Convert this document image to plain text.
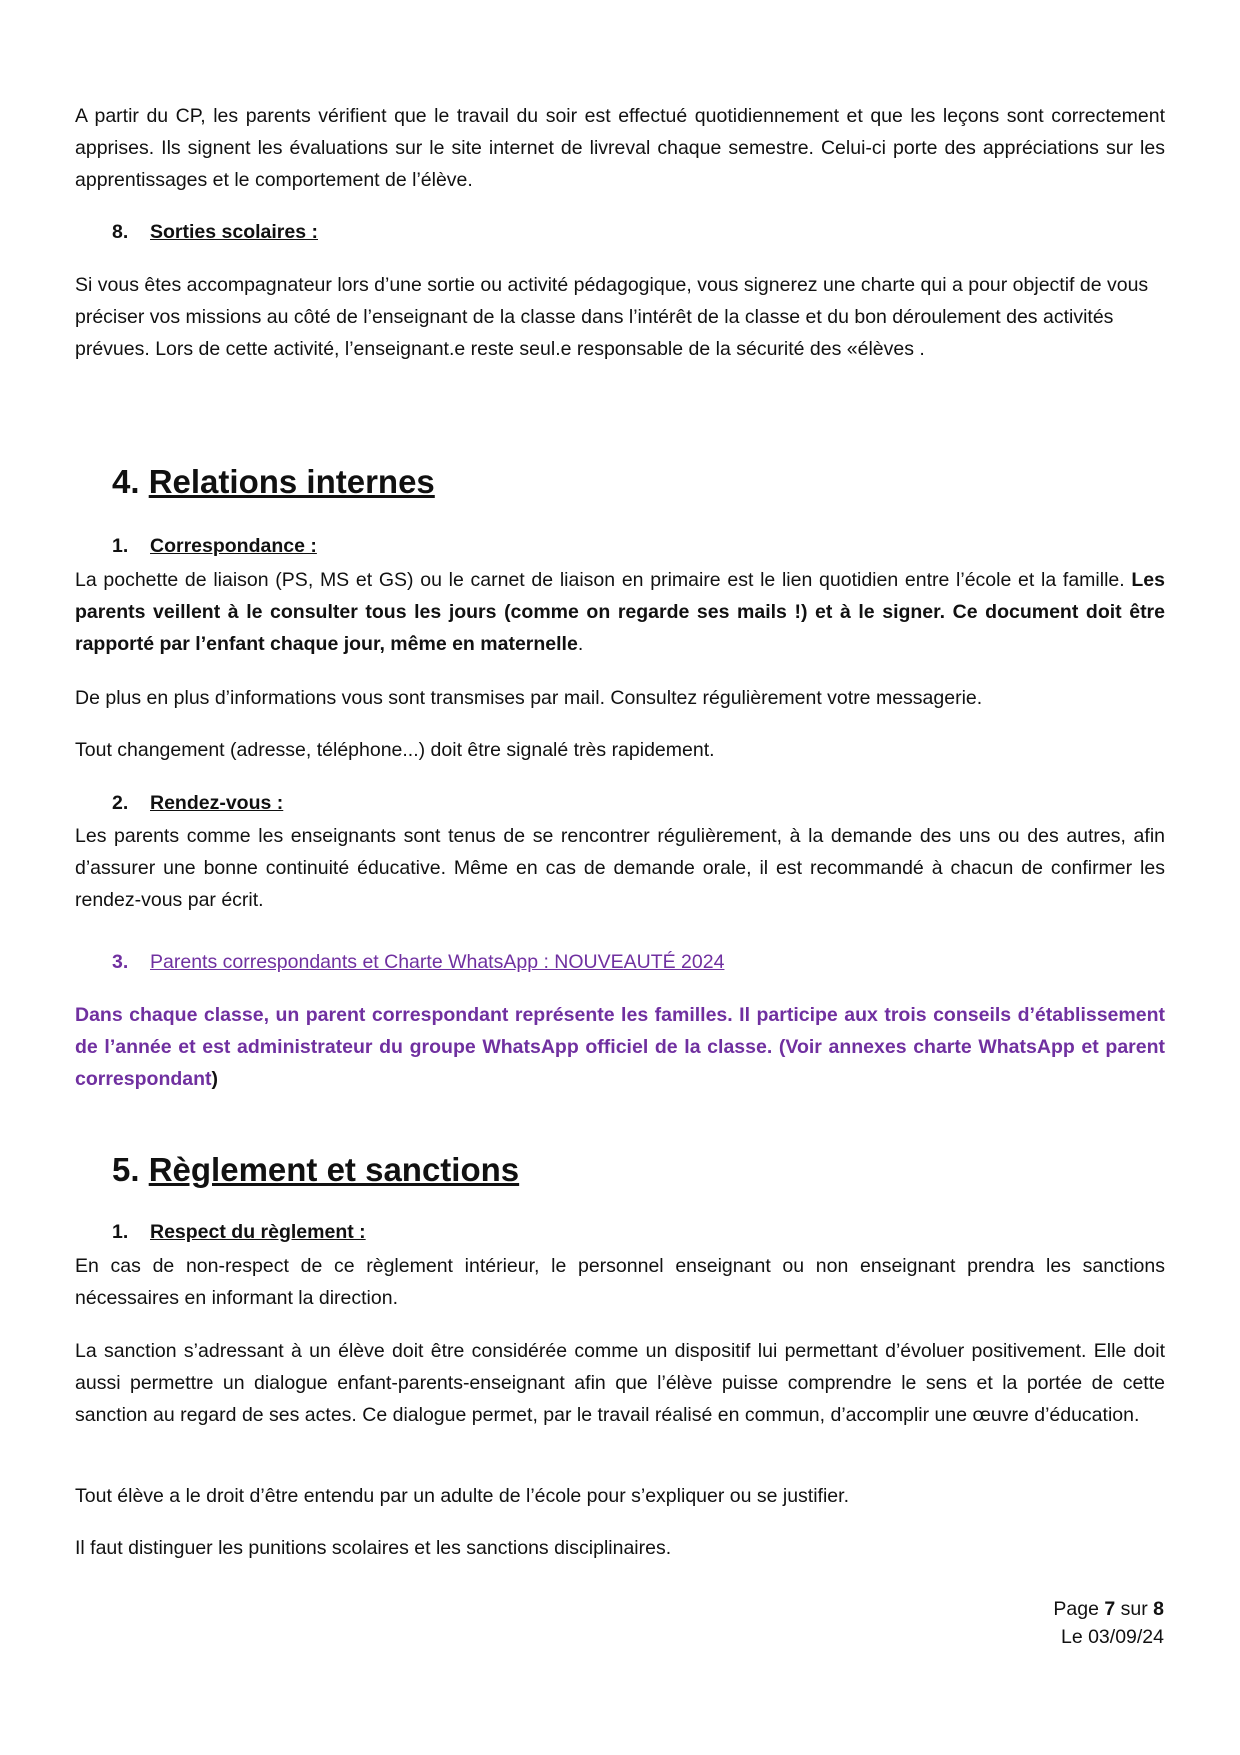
A partir du CP, les parents vérifient que le travail du soir est effectué quotidiennement et que les leçons sont correctement apprises. Ils signent les évaluations sur le site internet de livreval chaque semestre. Celui-ci porte des appréciations sur les apprentissages et le comportement de l’élève.

8. Sorties scolaires :

Si vous êtes accompagnateur lors d’une sortie ou activité pédagogique, vous signerez une charte qui a pour objectif de vous préciser vos missions au côté de l’enseignant de la classe dans l’intérêt de la classe et du bon déroulement des activités prévues. Lors de cette activité, l’enseignant.e reste seul.e responsable de la sécurité des «élèves .

4. Relations internes
1. Correspondance :

La pochette de liaison (PS, MS et GS) ou le carnet de liaison en primaire est le lien quotidien entre l’école et la famille. Les parents veillent à le consulter tous les jours (comme on regarde ses mails !) et à le signer. Ce document doit être rapporté par l’enfant chaque jour, même en maternelle.

De plus en plus d’informations vous sont transmises par mail. Consultez régulièrement votre messagerie.

Tout changement (adresse, téléphone...) doit être signalé très rapidement.

2. Rendez-vous :

Les parents comme les enseignants sont tenus de se rencontrer régulièrement, à la demande des uns ou des autres, afin d’assurer une bonne continuité éducative. Même en cas de demande orale, il est recommandé à chacun de confirmer les rendez-vous par écrit.

3. Parents correspondants et Charte WhatsApp : NOUVEAUTÉ 2024

Dans chaque classe, un parent correspondant représente les familles. Il participe aux trois conseils d’établissement de l’année et est administrateur du groupe WhatsApp officiel de la classe. (Voir annexes charte WhatsApp et parent correspondant)

5. Règlement et sanctions
1. Respect du règlement :

En cas de non-respect de ce règlement intérieur, le personnel enseignant ou non enseignant prendra les sanctions nécessaires en informant la direction.

La sanction s’adressant à un élève doit être considérée comme un dispositif lui permettant d’évoluer positivement. Elle doit aussi permettre un dialogue enfant-parents-enseignant afin que l’élève puisse comprendre le sens et la portée de cette sanction au regard de ses actes. Ce dialogue permet, par le travail réalisé en commun, d’accomplir une œuvre d’éducation.

Tout élève a le droit d’être entendu par un adulte de l’école pour s’expliquer ou se justifier.

Il faut distinguer les punitions scolaires et les sanctions disciplinaires.

Page 7 sur 8
Le 03/09/24
